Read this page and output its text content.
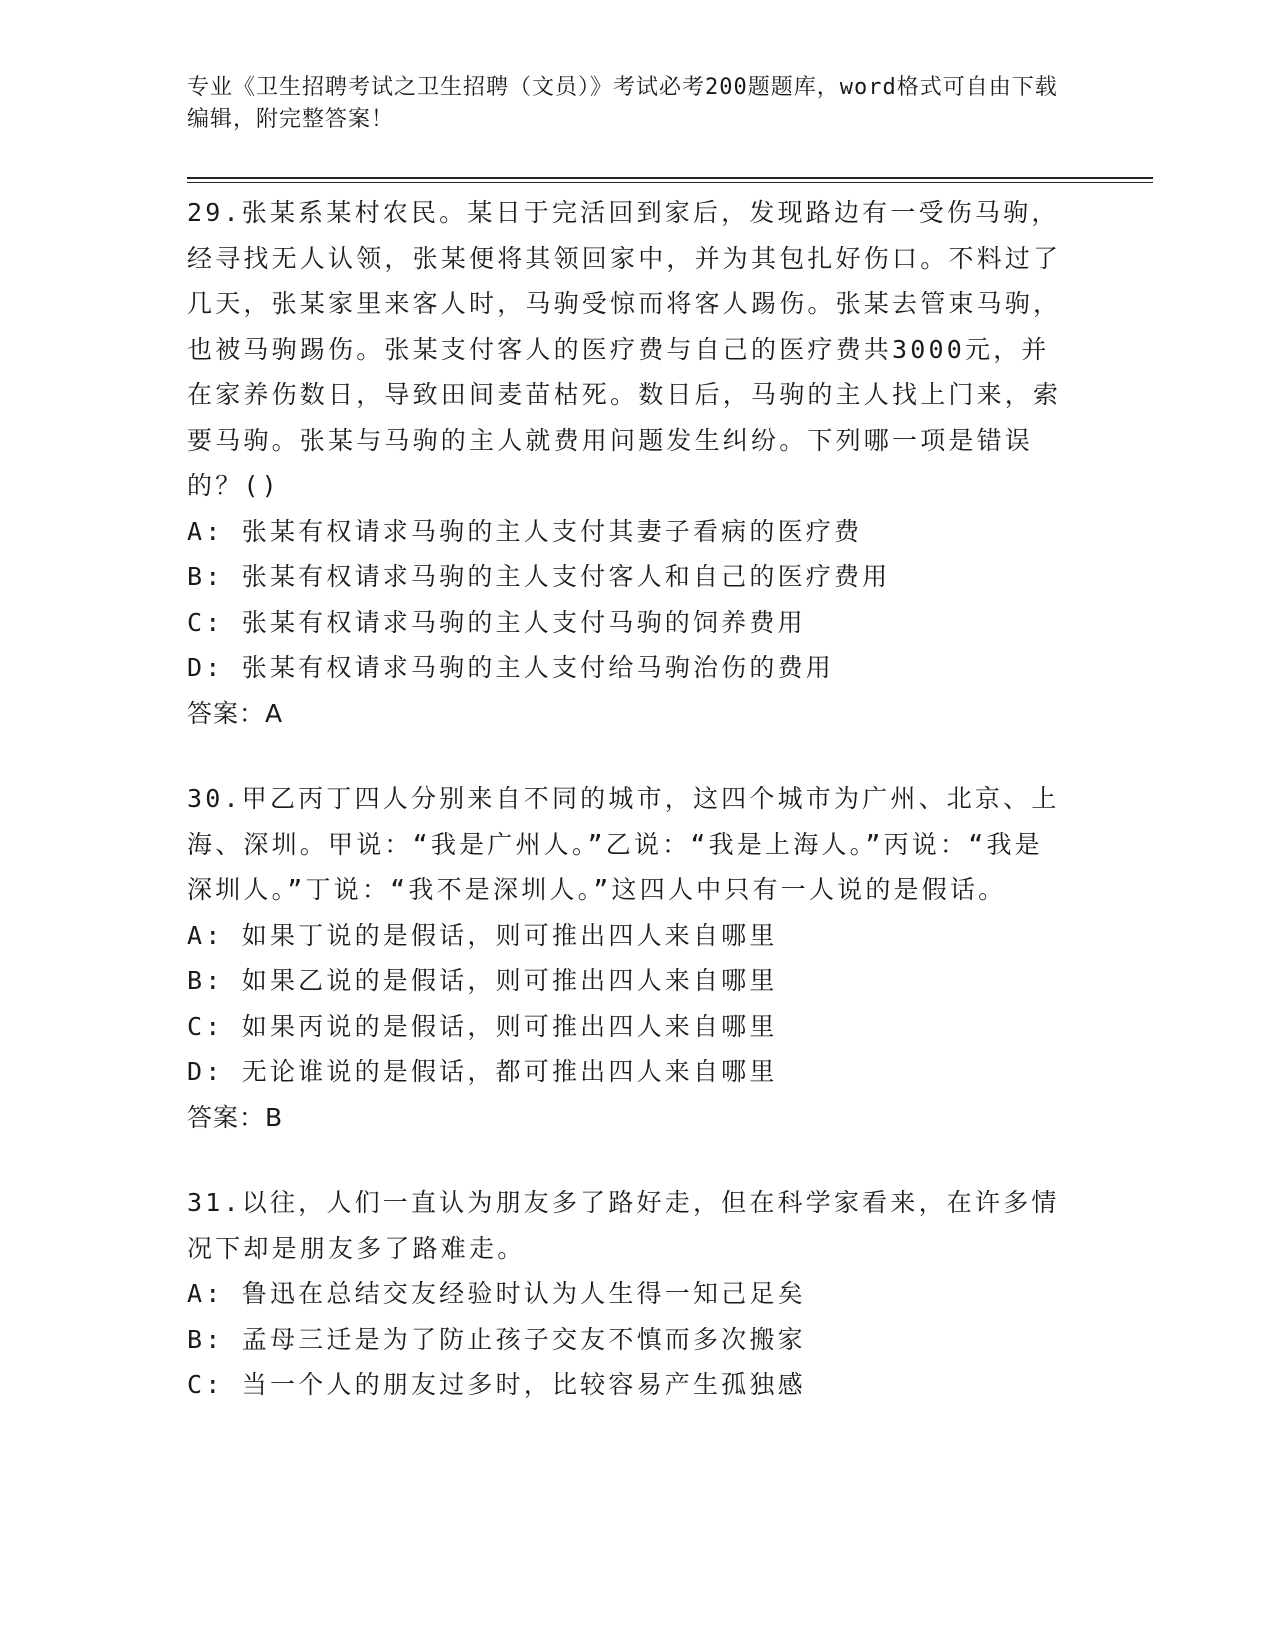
专业《卫生招聘考试之卫生招聘（文员）》考试必考200题题库，word格式可自由下载编辑，附完整答案！
29.张某系某村农民。某日于完活回到家后，发现路边有一受伤马驹，经寻找无人认领，张某便将其领回家中，并为其包扎好伤口。不料过了几天，张某家里来客人时，马驹受惊而将客人踢伤。张某去管束马驹，也被马驹踢伤。张某支付客人的医疗费与自己的医疗费共3000元，并在家养伤数日，导致田间麦苗枯死。数日后，马驹的主人找上门来，索要马驹。张某与马驹的主人就费用问题发生纠纷。下列哪一项是错误的？()
A:
张某有权请求马驹的主人支付其妻子看病的医疗费
B:
张某有权请求马驹的主人支付客人和自己的医疗费用
C:
张某有权请求马驹的主人支付马驹的饲养费用
D:
张某有权请求马驹的主人支付给马驹治伤的费用
答案：A
30.甲乙丙丁四人分别来自不同的城市，这四个城市为广州、北京、上海、深圳。甲说：“我是广州人。”乙说：“我是上海人。”丙说：“我是深圳人。”丁说：“我不是深圳人。”这四人中只有一人说的是假话。
A:
如果丁说的是假话，则可推出四人来自哪里
B:
如果乙说的是假话，则可推出四人来自哪里
C:
如果丙说的是假话，则可推出四人来自哪里
D:
无论谁说的是假话，都可推出四人来自哪里
答案：B
31.以往，人们一直认为朋友多了路好走，但在科学家看来，在许多情况下却是朋友多了路难走。
A:
鲁迅在总结交友经验时认为人生得一知己足矣
B:
孟母三迁是为了防止孩子交友不慎而多次搬家
C:
当一个人的朋友过多时，比较容易产生孤独感
